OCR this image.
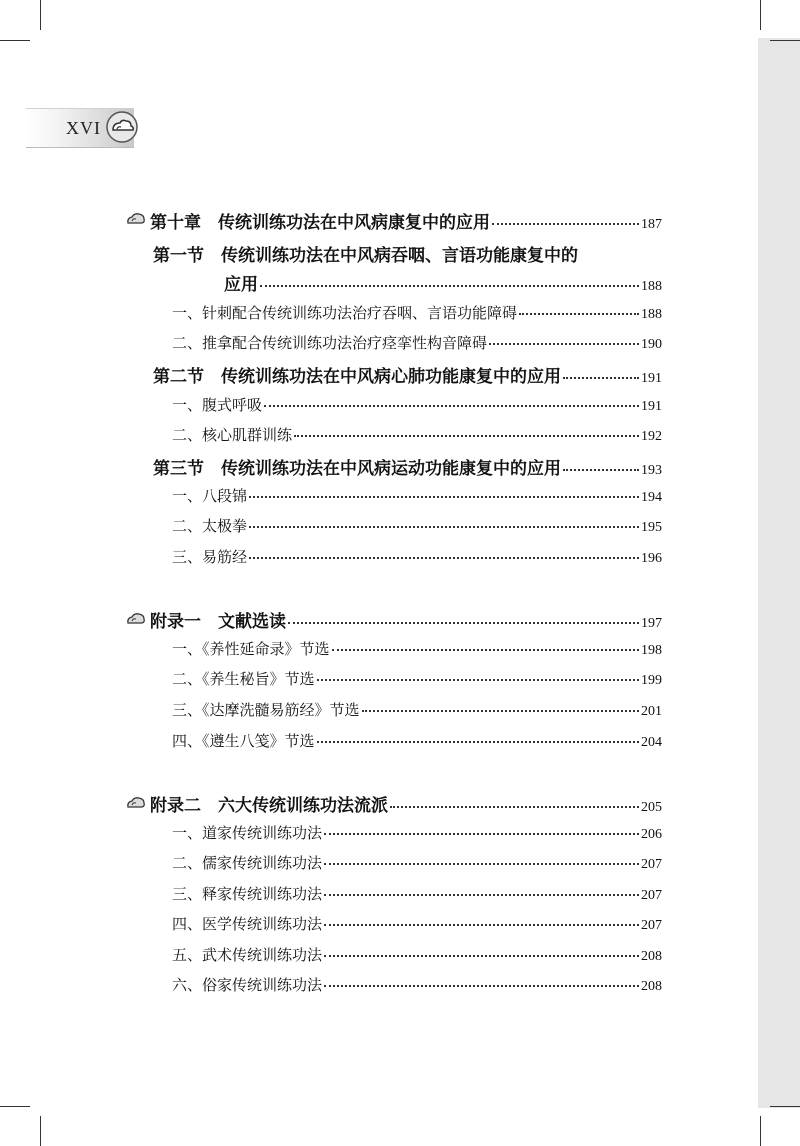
XVI
第十章　传统训练功法在中风病康复中的应用	187
第一节　传统训练功法在中风病吞咽、言语功能康复中的
应用	188
一、针刺配合传统训练功法治疗吞咽、言语功能障碍	188
二、推拿配合传统训练功法治疗痉挛性构音障碍	190
第二节　传统训练功法在中风病心肺功能康复中的应用	191
一、腹式呼吸	191
二、核心肌群训练	192
第三节　传统训练功法在中风病运动功能康复中的应用	193
一、八段锦	194
二、太极拳	195
三、易筋经	196
附录一　文献选读	197
一、《养性延命录》节选	198
二、《养生秘旨》节选	199
三、《达摩洗髓易筋经》节选	201
四、《遵生八笺》节选	204
附录二　六大传统训练功法流派	205
一、道家传统训练功法	206
二、儒家传统训练功法	207
三、释家传统训练功法	207
四、医学传统训练功法	207
五、武术传统训练功法	208
六、俗家传统训练功法	208
